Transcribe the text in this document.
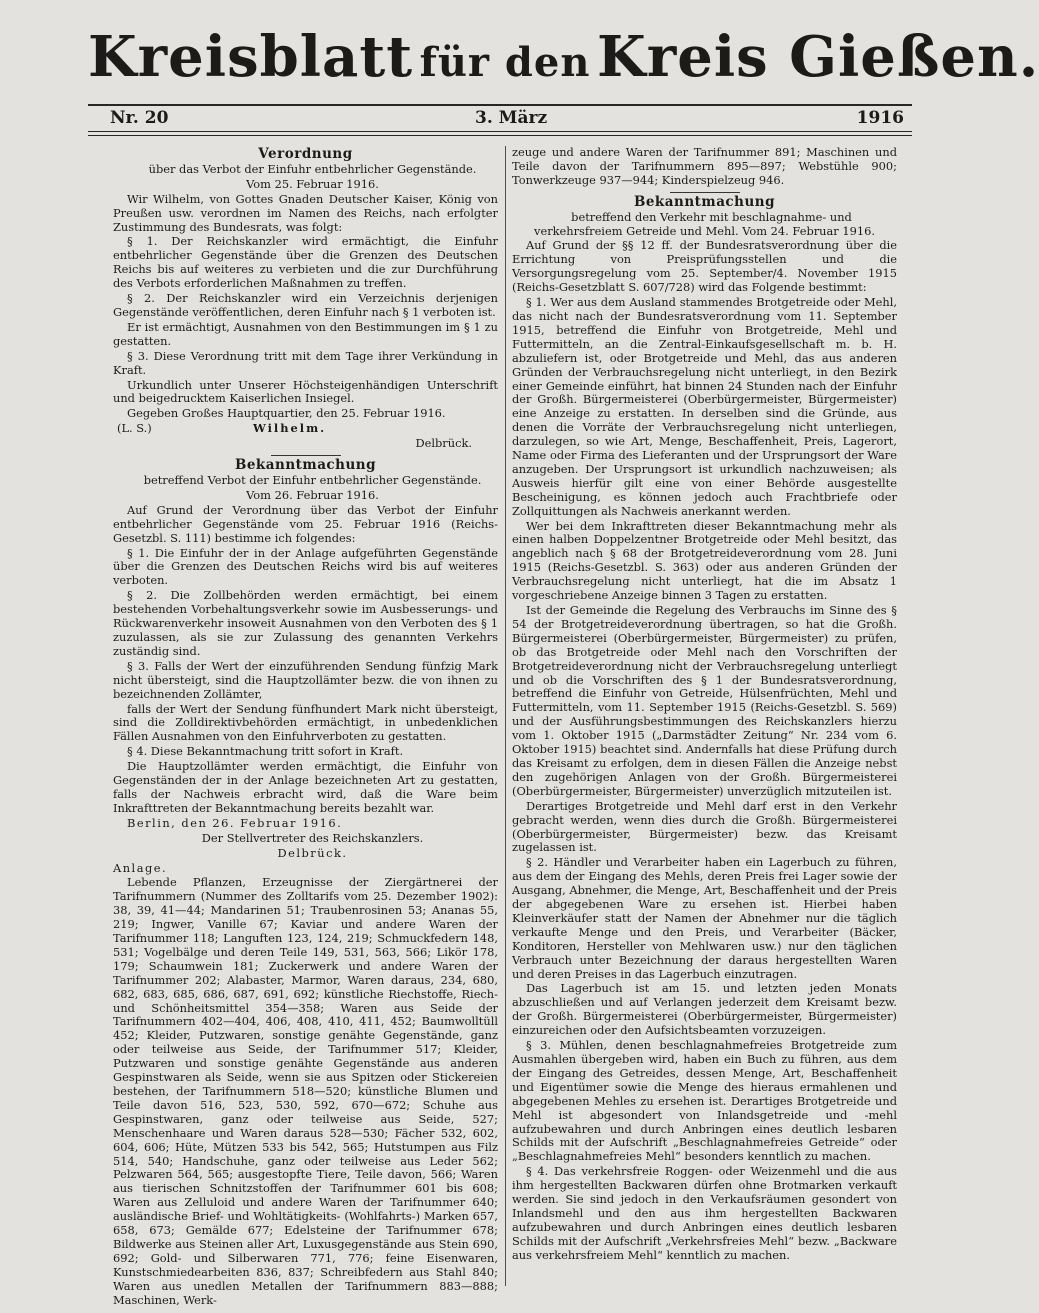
Kreisblatt für den Kreis Gießen.
Nr. 20	3. März	1916
Verordnung

über das Verbot der Einfuhr entbehrlicher Gegenstände.

Vom 25. Februar 1916.

Wir Wilhelm, von Gottes Gnaden Deutscher Kaiser, König von Preußen usw. verordnen im Namen des Reichs, nach erfolgter Zustimmung des Bundesrats, was folgt:

§ 1. Der Reichskanzler wird ermächtigt, die Einfuhr entbehrlicher Gegenstände über die Grenzen des Deutschen Reichs bis auf weiteres zu verbieten und die zur Durchführung des Verbots erforderlichen Maßnahmen zu treffen.

§ 2. Der Reichskanzler wird ein Verzeichnis derjenigen Gegenstände veröffentlichen, deren Einfuhr nach § 1 verboten ist.

Er ist ermächtigt, Ausnahmen von den Bestimmungen im § 1 zu gestatten.

§ 3. Diese Verordnung tritt mit dem Tage ihrer Verkündung in Kraft.

Urkundlich unter Unserer Höchsteigenhändigen Unterschrift und beigedrucktem Kaiserlichen Insiegel.

Gegeben Großes Hauptquartier, den 25. Februar 1916.

(L. S.)	Wilhelm.

Delbrück.

Bekanntmachung

betreffend Verbot der Einfuhr entbehrlicher Gegenstände.

Vom 26. Februar 1916.

Auf Grund der Verordnung über das Verbot der Einfuhr entbehrlicher Gegenstände vom 25. Februar 1916 (Reichs-Gesetzbl. S. 111) bestimme ich folgendes:

§ 1. Die Einfuhr der in der Anlage aufgeführten Gegenstände über die Grenzen des Deutschen Reichs wird bis auf weiteres verboten.

§ 2. Die Zollbehörden werden ermächtigt, bei einem bestehenden Vorbehaltungsverkehr sowie im Ausbesserungs- und Rückwarenverkehr insoweit Ausnahmen von den Verboten des § 1 zuzulassen, als sie zur Zulassung des genannten Verkehrs zuständig sind.

§ 3. Falls der Wert der einzuführenden Sendung fünfzig Mark nicht übersteigt, sind die Hauptzollämter bezw. die von ihnen zu bezeichnenden Zollämter,

falls der Wert der Sendung fünfhundert Mark nicht übersteigt, sind die Zolldirektivbehörden ermächtigt, in unbedenklichen Fällen Ausnahmen von den Einfuhrverboten zu gestatten.

§ 4. Diese Bekanntmachung tritt sofort in Kraft.

Die Hauptzollämter werden ermächtigt, die Einfuhr von Gegenständen der in der Anlage bezeichneten Art zu gestatten, falls der Nachweis erbracht wird, daß die Ware beim Inkrafttreten der Bekanntmachung bereits bezahlt war.

Berlin, den 26. Februar 1916.

Der Stellvertreter des Reichskanzlers.

Delbrück.

Anlage.

Lebende Pflanzen, Erzeugnisse der Ziergärtnerei der Tarifnummern (Nummer des Zolltarifs vom 25. Dezember 1902): 38, 39, 41—44; Mandarinen 51; Traubenrosinen 53; Ananas 55, 219; Ingwer, Vanille 67; Kaviar und andere Waren der Tarifnummer 118; Languften 123, 124, 219; Schmuckfedern 148, 531; Vogelbälge und deren Teile 149, 531, 563, 566; Likör 178, 179; Schaumwein 181; Zuckerwerk und andere Waren der Tarifnummer 202; Alabaster, Marmor, Waren daraus, 234, 680, 682, 683, 685, 686, 687, 691, 692; künstliche Riechstoffe, Riech- und Schönheitsmittel 354—358; Waren aus Seide der Tarifnummern 402—404, 406, 408, 410, 411, 452; Baumwolltüll 452; Kleider, Putzwaren, sonstige genähte Gegenstände, ganz oder teilweise aus Seide, der Tarifnummer 517; Kleider, Putzwaren und sonstige genähte Gegenstände aus anderen Gespinstwaren als Seide, wenn sie aus Spitzen oder Stickereien bestehen, der Tarifnummern 518—520; künstliche Blumen und Teile davon 516, 523, 530, 592, 670—672; Schuhe aus Gespinstwaren, ganz oder teilweise aus Seide, 527; Menschenhaare und Waren daraus 528—530; Fächer 532, 602, 604, 606; Hüte, Mützen 533 bis 542, 565; Hutstumpen aus Filz 514, 540; Handschuhe, ganz oder teilweise aus Leder 562; Pelzwaren 564, 565; ausgestopfte Tiere, Teile davon, 566; Waren aus tierischen Schnitzstoffen der Tarifnummer 601 bis 608; Waren aus Zelluloid und andere Waren der Tarifnummer 640; ausländische Brief- und Wohltätigkeits- (Wohlfahrts-) Marken 657, 658, 673; Gemälde 677; Edelsteine der Tarifnummer 678; Bildwerke aus Steinen aller Art, Luxusgegenstände aus Stein 690, 692; Gold- und Silberwaren 771, 776; feine Eisenwaren, Kunstschmiedearbeiten 836, 837; Schreibfedern aus Stahl 840; Waren aus unedlen Metallen der Tarifnummern 883—888; Maschinen, Werk-

zeuge und andere Waren der Tarifnummer 891; Maschinen und Teile davon der Tarifnummern 895—897; Webstühle 900; Tonwerkzeuge 937—944; Kinderspielzeug 946.

Bekanntmachung

betreffend den Verkehr mit beschlagnahme- und verkehrsfreiem Getreide und Mehl. Vom 24. Februar 1916.

Auf Grund der §§ 12 ff. der Bundesratsverordnung über die Errichtung von Preisprüfungsstellen und die Versorgungsregelung vom 25. September/4. November 1915 (Reichs-Gesetzblatt S. 607/728) wird das Folgende bestimmt:

§ 1. Wer aus dem Ausland stammendes Brotgetreide oder Mehl, das nicht nach der Bundesratsverordnung vom 11. September 1915, betreffend die Einfuhr von Brotgetreide, Mehl und Futtermitteln, an die Zentral-Einkaufsgesellschaft m. b. H. abzuliefern ist, oder Brotgetreide und Mehl, das aus anderen Gründen der Verbrauchsregelung nicht unterliegt, in den Bezirk einer Gemeinde einführt, hat binnen 24 Stunden nach der Einfuhr der Großh. Bürgermeisterei (Oberbürgermeister, Bürgermeister) eine Anzeige zu erstatten. In derselben sind die Gründe, aus denen die Vorräte der Verbrauchsregelung nicht unterliegen, darzulegen, so wie Art, Menge, Beschaffenheit, Preis, Lagerort, Name oder Firma des Lieferanten und der Ursprungsort der Ware anzugeben. Der Ursprungsort ist urkundlich nachzuweisen; als Ausweis hierfür gilt eine von einer Behörde ausgestellte Bescheinigung, es können jedoch auch Frachtbriefe oder Zollquittungen als Nachweis anerkannt werden.

Wer bei dem Inkrafttreten dieser Bekanntmachung mehr als einen halben Doppelzentner Brotgetreide oder Mehl besitzt, das angeblich nach § 68 der Brotgetreideverordnung vom 28. Juni 1915 (Reichs-Gesetzbl. S. 363) oder aus anderen Gründen der Verbrauchsregelung nicht unterliegt, hat die im Absatz 1 vorgeschriebene Anzeige binnen 3 Tagen zu erstatten.

Ist der Gemeinde die Regelung des Verbrauchs im Sinne des § 54 der Brotgetreideverordnung übertragen, so hat die Großh. Bürgermeisterei (Oberbürgermeister, Bürgermeister) zu prüfen, ob das Brotgetreide oder Mehl nach den Vorschriften der Brotgetreideverordnung nicht der Verbrauchsregelung unterliegt und ob die Vorschriften des § 1 der Bundesratsverordnung, betreffend die Einfuhr von Getreide, Hülsenfrüchten, Mehl und Futtermitteln, vom 11. September 1915 (Reichs-Gesetzbl. S. 569) und der Ausführungsbestimmungen des Reichskanzlers hierzu vom 1. Oktober 1915 („Darmstädter Zeitung“ Nr. 234 vom 6. Oktober 1915) beachtet sind. Andernfalls hat diese Prüfung durch das Kreisamt zu erfolgen, dem in diesen Fällen die Anzeige nebst den zugehörigen Anlagen von der Großh. Bürgermeisterei (Oberbürgermeister, Bürgermeister) unverzüglich mitzuteilen ist.

Derartiges Brotgetreide und Mehl darf erst in den Verkehr gebracht werden, wenn dies durch die Großh. Bürgermeisterei (Oberbürgermeister, Bürgermeister) bezw. das Kreisamt zugelassen ist.

§ 2. Händler und Verarbeiter haben ein Lagerbuch zu führen, aus dem der Eingang des Mehls, deren Preis frei Lager sowie der Ausgang, Abnehmer, die Menge, Art, Beschaffenheit und der Preis der abgegebenen Ware zu ersehen ist. Hierbei haben Kleinverkäufer statt der Namen der Abnehmer nur die täglich verkaufte Menge und den Preis, und Verarbeiter (Bäcker, Konditoren, Hersteller von Mehlwaren usw.) nur den täglichen Verbrauch unter Bezeichnung der daraus hergestellten Waren und deren Preises in das Lagerbuch einzutragen.

Das Lagerbuch ist am 15. und letzten jeden Monats abzuschließen und auf Verlangen jederzeit dem Kreisamt bezw. der Großh. Bürgermeisterei (Oberbürgermeister, Bürgermeister) einzureichen oder den Aufsichtsbeamten vorzuzeigen.

§ 3. Mühlen, denen beschlagnahmefreies Brotgetreide zum Ausmahlen übergeben wird, haben ein Buch zu führen, aus dem der Eingang des Getreides, dessen Menge, Art, Beschaffenheit und Eigentümer sowie die Menge des hieraus ermahlenen und abgegebenen Mehles zu ersehen ist. Derartiges Brotgetreide und Mehl ist abgesondert von Inlandsgetreide und -mehl aufzubewahren und durch Anbringen eines deutlich lesbaren Schilds mit der Aufschrift „Beschlagnahmefreies Getreide“ oder „Beschlagnahmefreies Mehl“ besonders kenntlich zu machen.

§ 4. Das verkehrsfreie Roggen- oder Weizenmehl und die aus ihm hergestellten Backwaren dürfen ohne Brotmarken verkauft werden. Sie sind jedoch in den Verkaufsräumen gesondert von Inlandsmehl und den aus ihm hergestellten Backwaren aufzubewahren und durch Anbringen eines deutlich lesbaren Schilds mit der Aufschrift „Verkehrsfreies Mehl“ bezw. „Backware aus verkehrsfreiem Mehl“ kenntlich zu machen.
